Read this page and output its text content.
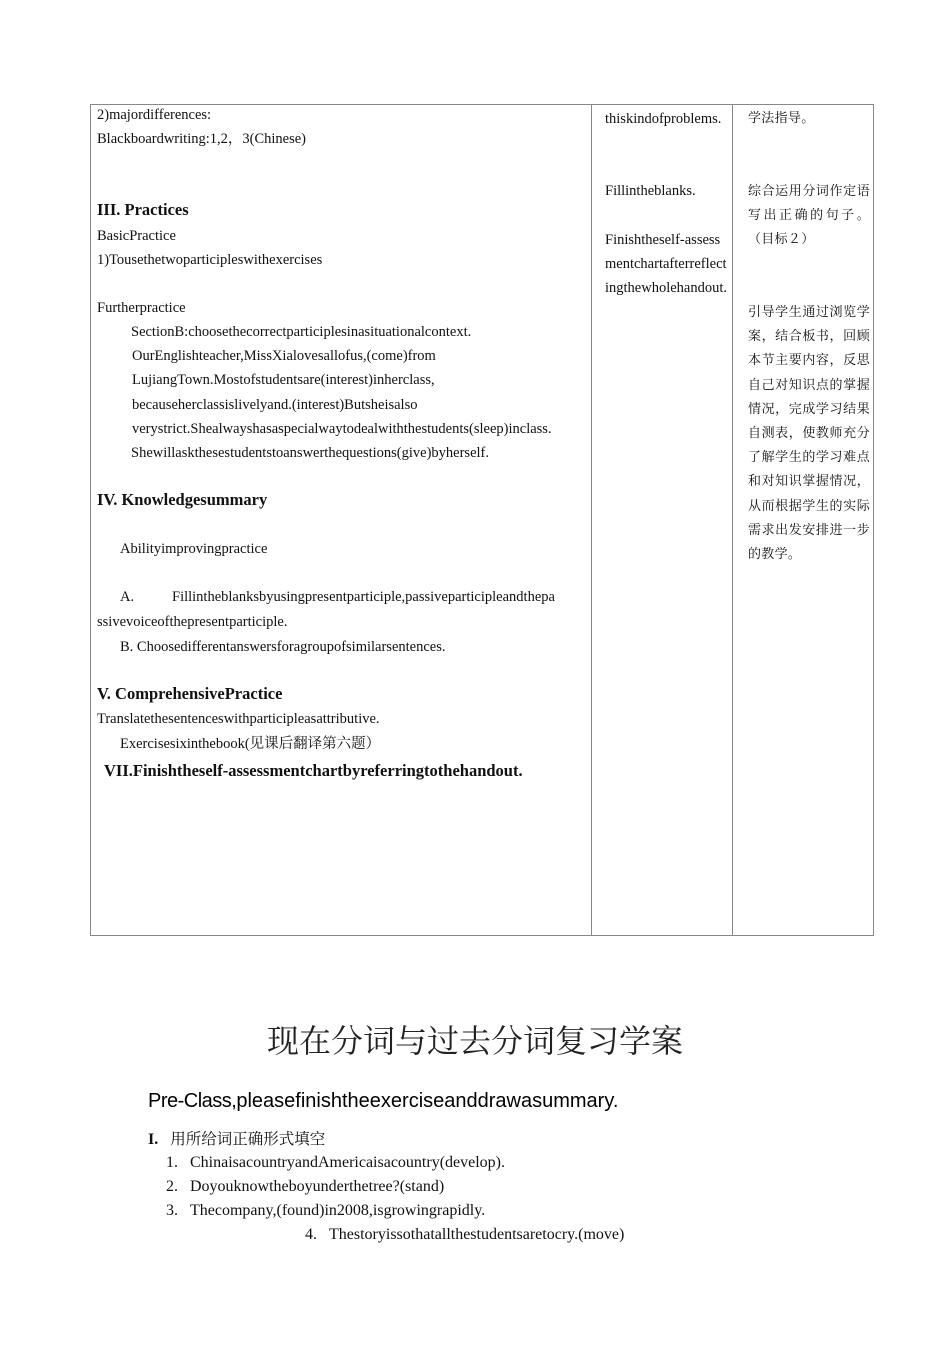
2)majordifferences:
Blackboardwriting:1,2，3(Chinese)
III. Practices
BasicPractice
1)Tousethetwoparticipleswithexercises
Furtherpractice
SectionB:choosethecorrectparticiplesinasituationalcontext.
OurEnglishteacher,MissXialovesallofus,(come)from
LujiangTown.Mostofstudentsare(interest)inherclass,
becauseherclassislivelyand.(interest)Butsheisalso
verystrict.Shealwayshasaspecialwaytodealwiththestudents(sleep)inclass.
Shewillaskthesestudentstoanswerthequestions(give)byherself.
IV. Knowledgesummary
Abilityimprovingpractice
A.	Fillintheblanksbyusingpresentparticiple,passiveparticipleandthepa
ssivevoiceofthepresentparticiple.
B. Choosedifferentanswersforagroupofsimilarsentences.
V. ComprehensivePractice
Translatethesentenceswithparticipleasattributive.
Exercisesixinthebook(见课后翻译第六题）
VII.Finishtheself-assessmentchartbyreferringtothehandout.
thiskindofproblems.
Fillintheblanks.
Finishtheself-assessmentchartafterreflectingthewholehandout.
学法指导。
综合运用分词作定语写出正确的句子。（目标２）
引导学生通过浏览学案，结合板书，回顾本节主要内容，反思自己对知识点的掌握情况，完成学习结果自测表，使教师充分了解学生的学习难点和对知识掌握情况，从而根据学生的实际需求出发安排进一步的教学。
现在分词与过去分词复习学案
Pre-Class,pleasefinishtheexerciseanddrawasummary.
I. 用所给词正确形式填空
1. ChinaisacountryandAmericaisacountry(develop).
2. Doyouknowtheboyunderthetree?(stand)
3. Thecompany,(found)in2008,isgrowingrapidly.
4. Thestoryissothatallthestudentsaretocry.(move)
